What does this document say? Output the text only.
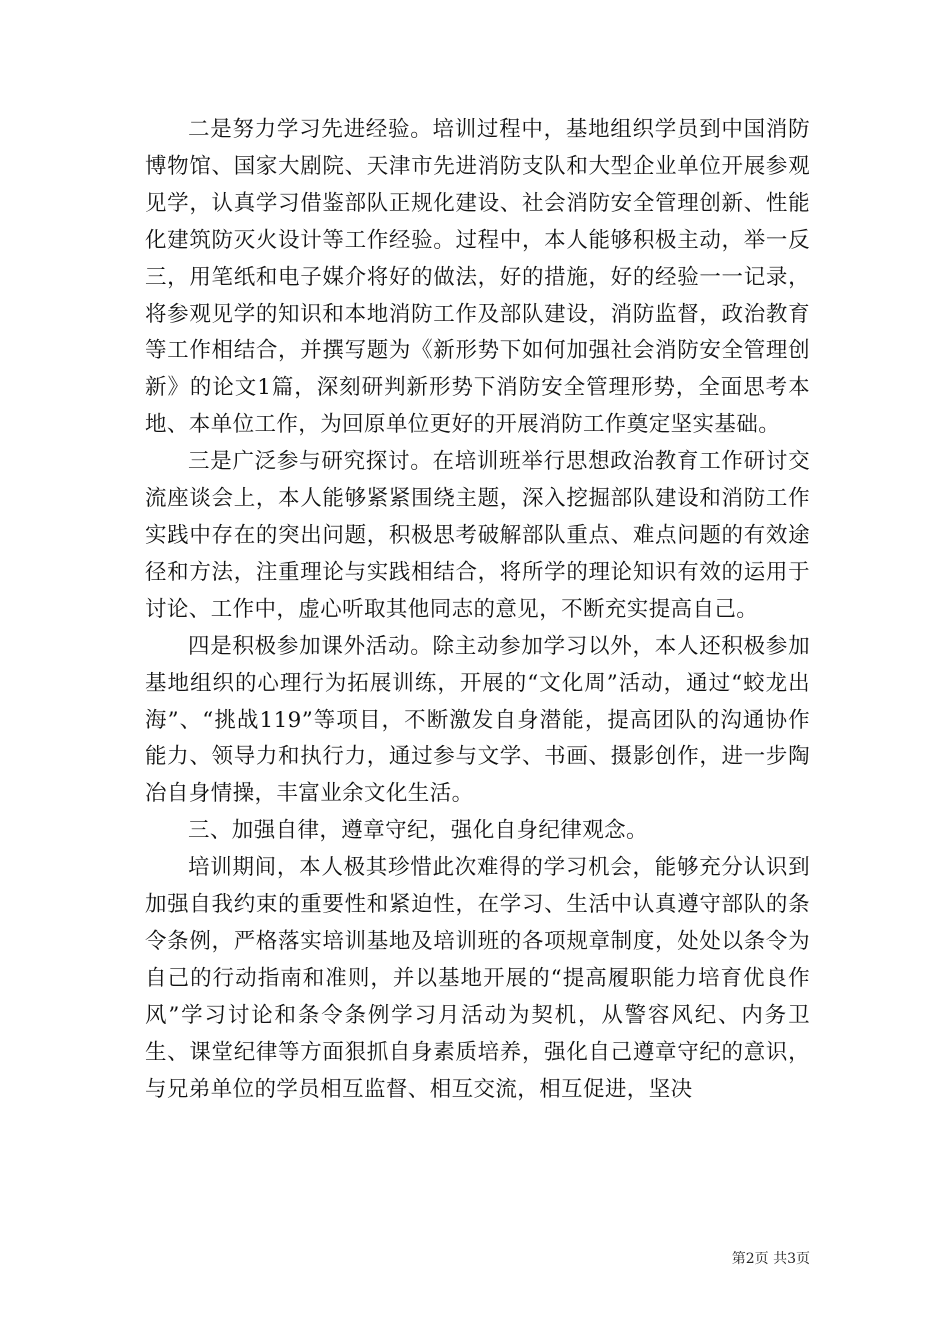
二是努力学习先进经验。培训过程中，基地组织学员到中国消防博物馆、国家大剧院、天津市先进消防支队和大型企业单位开展参观见学，认真学习借鉴部队正规化建设、社会消防安全管理创新、性能化建筑防灭火设计等工作经验。过程中，本人能够积极主动，举一反三，用笔纸和电子媒介将好的做法，好的措施，好的经验一一记录，将参观见学的知识和本地消防工作及部队建设，消防监督，政治教育等工作相结合，并撰写题为《新形势下如何加强社会消防安全管理创新》的论文1篇，深刻研判新形势下消防安全管理形势，全面思考本地、本单位工作，为回原单位更好的开展消防工作奠定坚实基础。

三是广泛参与研究探讨。在培训班举行思想政治教育工作研讨交流座谈会上，本人能够紧紧围绕主题，深入挖掘部队建设和消防工作实践中存在的突出问题，积极思考破解部队重点、难点问题的有效途径和方法，注重理论与实践相结合，将所学的理论知识有效的运用于讨论、工作中，虚心听取其他同志的意见，不断充实提高自己。

四是积极参加课外活动。除主动参加学习以外，本人还积极参加基地组织的心理行为拓展训练，开展的“文化周”活动，通过“蛟龙出海”、“挑战119”等项目，不断激发自身潜能，提高团队的沟通协作能力、领导力和执行力，通过参与文学、书画、摄影创作，进一步陶冶自身情操，丰富业余文化生活。

三、加强自律，遵章守纪，强化自身纪律观念。

培训期间，本人极其珍惜此次难得的学习机会，能够充分认识到加强自我约束的重要性和紧迫性，在学习、生活中认真遵守部队的条令条例，严格落实培训基地及培训班的各项规章制度，处处以条令为自己的行动指南和准则，并以基地开展的“提高履职能力培育优良作风”学习讨论和条令条例学习月活动为契机，从警容风纪、内务卫生、课堂纪律等方面狠抓自身素质培养，强化自己遵章守纪的意识，与兄弟单位的学员相互监督、相互交流，相互促进，坚决

第2页 共3页
